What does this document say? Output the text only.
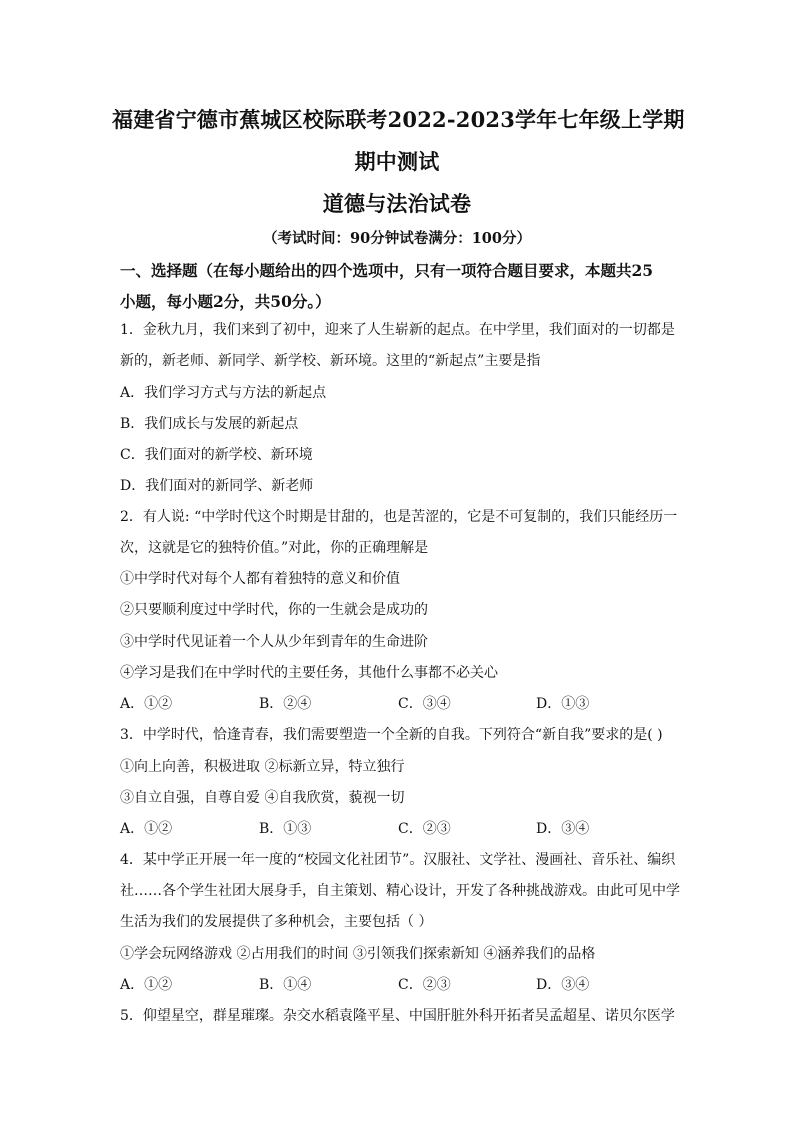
福建省宁德市蕉城区校际联考2022-2023学年七年级上学期
期中测试
道德与法治试卷
（考试时间：90分钟试卷满分：100分）
一、选择题（在每小题给出的四个选项中，只有一项符合题目要求，本题共25
小题，每小题2分，共50分。）
1．金秋九月，我们来到了初中，迎来了人生崭新的起点。在中学里，我们面对的一切都是
新的，新老师、新同学、新学校、新环境。这里的“新起点”主要是指
A．我们学习方式与方法的新起点
B．我们成长与发展的新起点
C．我们面对的新学校、新环境
D．我们面对的新同学、新老师
2．有人说: “中学时代这个时期是甘甜的，也是苦涩的，它是不可复制的，我们只能经历一
次，这就是它的独特价值。”对此，你的正确理解是
①中学时代对每个人都有着独特的意义和价值
②只要顺利度过中学时代，你的一生就会是成功的
③中学时代见证着一个人从少年到青年的生命进阶
④学习是我们在中学时代的主要任务，其他什么事都不必关心
A．①②	B．②④	C．③④	D．①③
3．中学时代，恰逢青春，我们需要塑造一个全新的自我。下列符合“新自我”要求的是( )
①向上向善，积极进取 ②标新立异，特立独行
③自立自强，自尊自爱 ④自我欣赏，藐视一切
A．①②	B．①③	C．②③	D．③④
4．某中学正开展一年一度的“校园文化社团节”。汉服社、文学社、漫画社、音乐社、编织
社……各个学生社团大展身手，自主策划、精心设计，开发了各种挑战游戏。由此可见中学
生活为我们的发展提供了多种机会，主要包括（ ）
①学会玩网络游戏 ②占用我们的时间 ③引领我们探索新知 ④涵养我们的品格
A．①②	B．①④	C．②③	D．③④
5．仰望星空，群星璀璨。杂交水稻袁隆平星、中国肝脏外科开拓者吴孟超星、诺贝尔医学
